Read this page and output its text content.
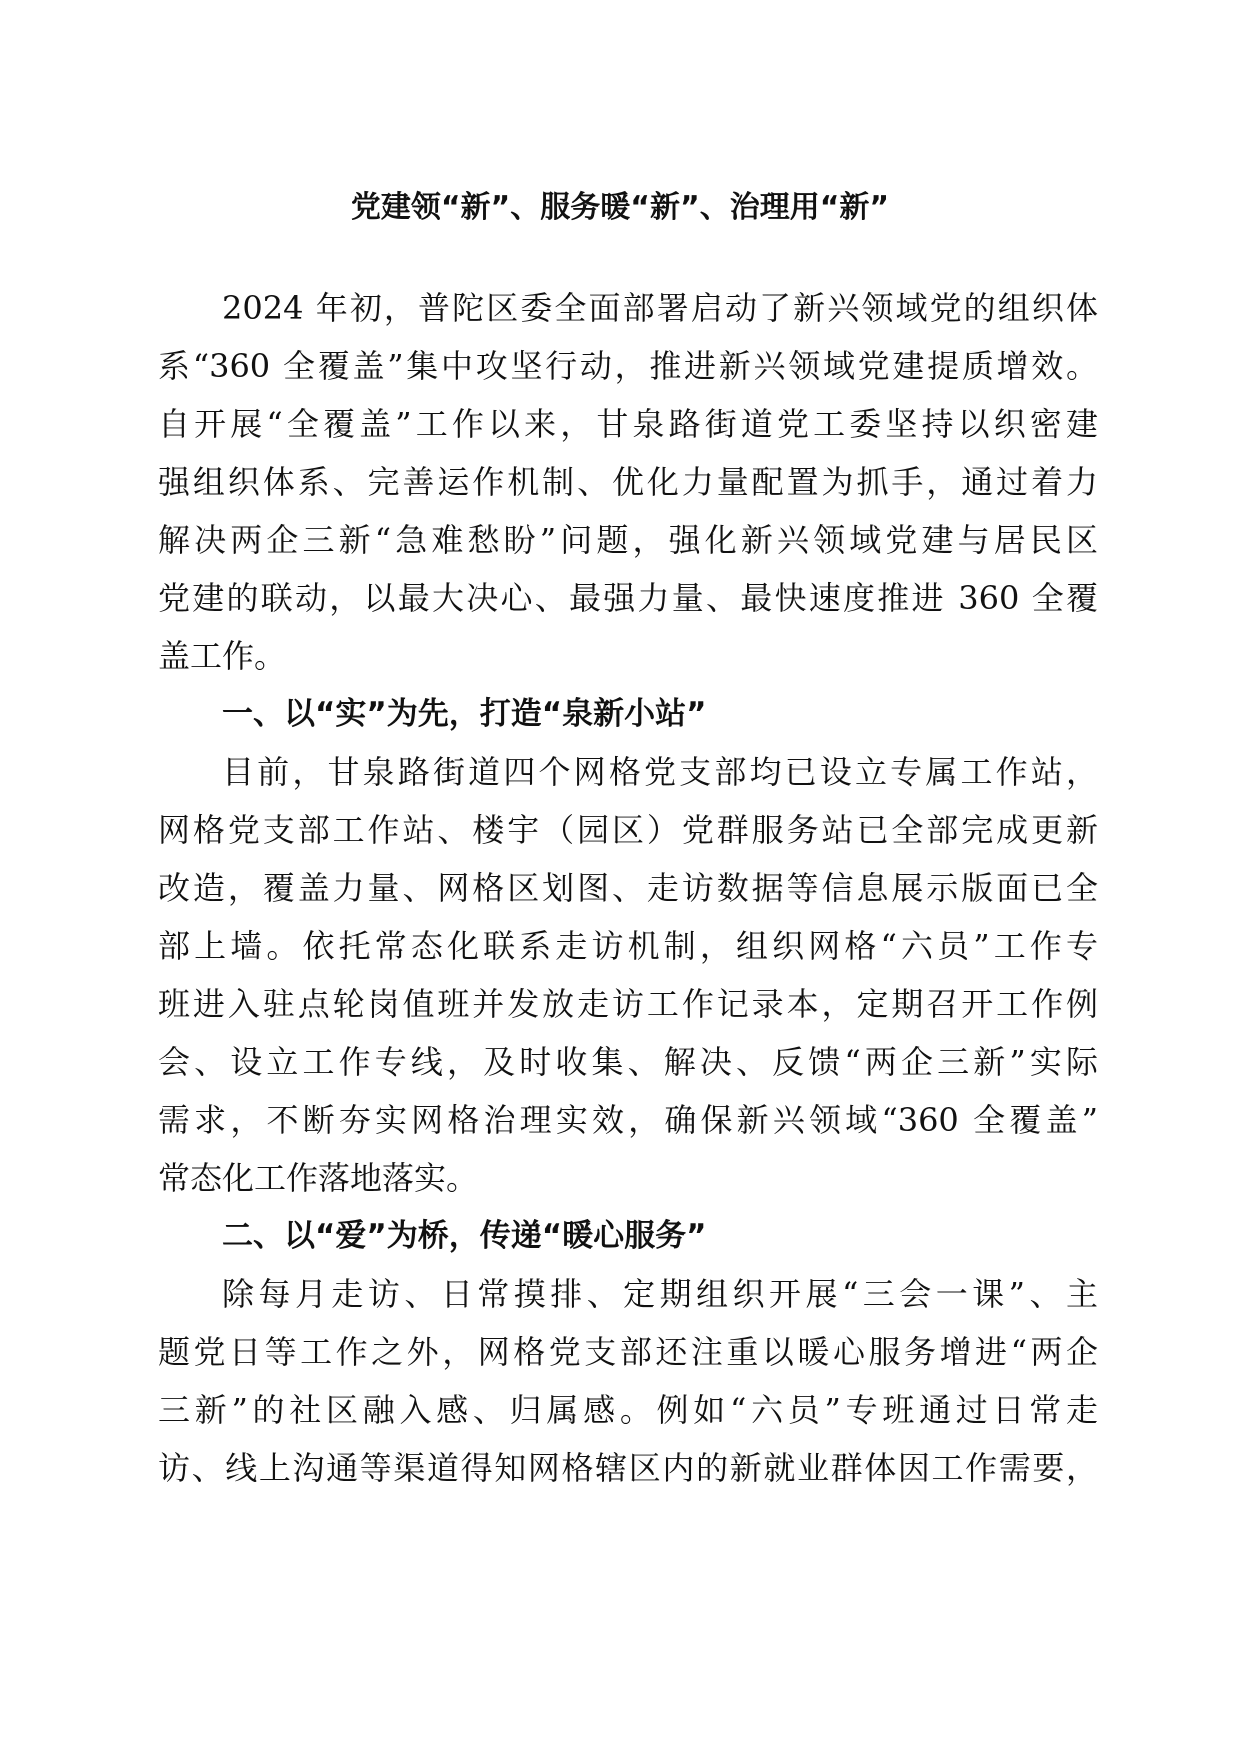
党建领“新”、服务暖“新”、治理用“新”

2024 年初，普陀区委全面部署启动了新兴领域党的组织体

系“360 全覆盖”集中攻坚行动，推进新兴领域党建提质增效。

自开展“全覆盖”工作以来，甘泉路街道党工委坚持以织密建

强组织体系、完善运作机制、优化力量配置为抓手，通过着力

解决两企三新“急难愁盼”问题，强化新兴领域党建与居民区

党建的联动，以最大决心、最强力量、最快速度推进 360 全覆

盖工作。

一、以“实”为先，打造“泉新小站”

目前，甘泉路街道四个网格党支部均已设立专属工作站，

网格党支部工作站、楼宇（园区）党群服务站已全部完成更新

改造，覆盖力量、网格区划图、走访数据等信息展示版面已全

部上墙。依托常态化联系走访机制，组织网格“六员”工作专

班进入驻点轮岗值班并发放走访工作记录本，定期召开工作例

会、设立工作专线，及时收集、解决、反馈“两企三新”实际

需求，不断夯实网格治理实效，确保新兴领域“360 全覆盖”

常态化工作落地落实。

二、以“爱”为桥，传递“暖心服务”

除每月走访、日常摸排、定期组织开展“三会一课”、主

题党日等工作之外，网格党支部还注重以暖心服务增进“两企

三新”的社区融入感、归属感。例如“六员”专班通过日常走

访、线上沟通等渠道得知网格辖区内的新就业群体因工作需要，
